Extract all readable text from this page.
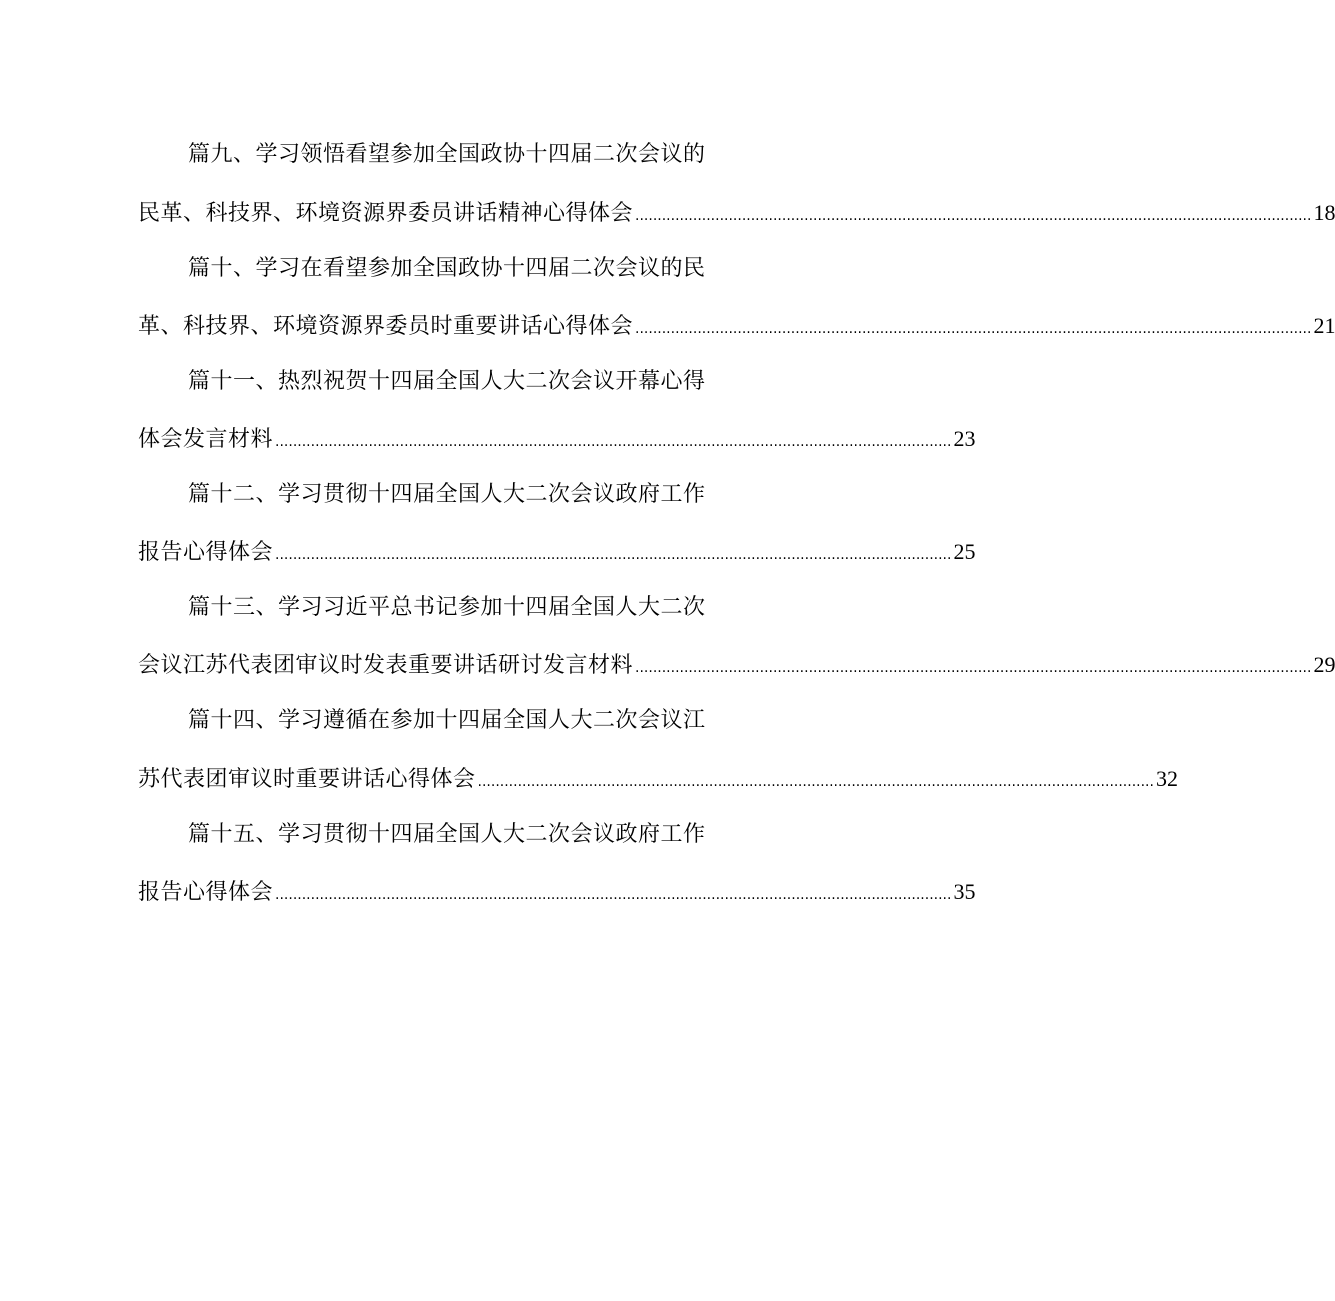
篇九、学习领悟看望参加全国政协十四届二次会议的
民革、科技界、环境资源界委员讲话精神心得体会 ........................................................................................................................................................ 18
篇十、学习在看望参加全国政协十四届二次会议的民
革、科技界、环境资源界委员时重要讲话心得体会 ........................................................................................................................................................ 21
篇十一、热烈祝贺十四届全国人大二次会议开幕心得
体会发言材料 ........................................................................................................................................................ 23
篇十二、学习贯彻十四届全国人大二次会议政府工作
报告心得体会 ........................................................................................................................................................ 25
篇十三、学习习近平总书记参加十四届全国人大二次
会议江苏代表团审议时发表重要讲话研讨发言材料 ........................................................................................................................................................ 29
篇十四、学习遵循在参加十四届全国人大二次会议江
苏代表团审议时重要讲话心得体会 ........................................................................................................................................................ 32
篇十五、学习贯彻十四届全国人大二次会议政府工作
报告心得体会 ........................................................................................................................................................ 35
